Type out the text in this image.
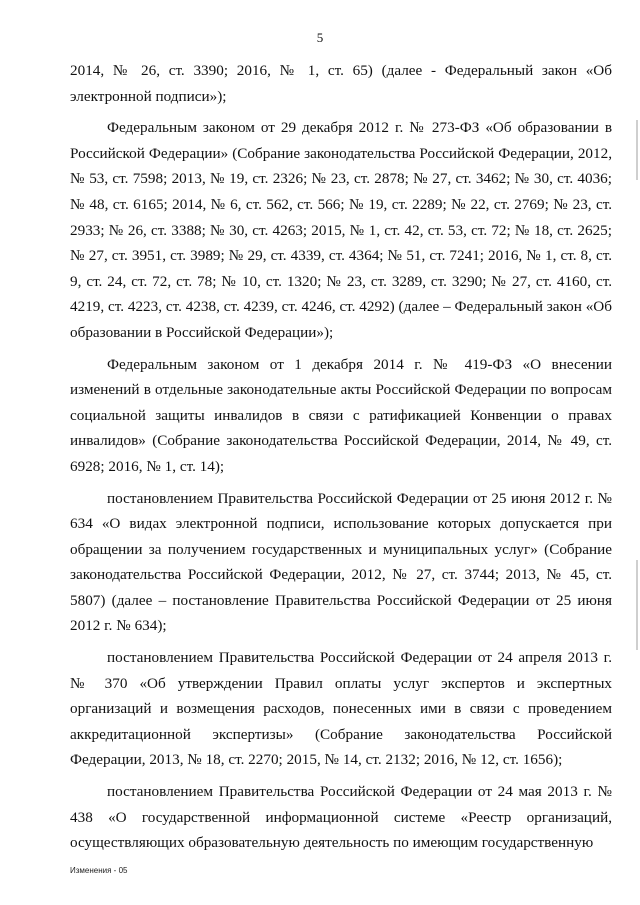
5

2014, № 26, ст. 3390; 2016, № 1, ст. 65) (далее - Федеральный закон «Об электронной подписи»);

Федеральным законом от 29 декабря 2012 г. № 273-ФЗ «Об образовании в Российской Федерации» (Собрание законодательства Российской Федерации, 2012, № 53, ст. 7598; 2013, № 19, ст. 2326; № 23, ст. 2878; № 27, ст. 3462; № 30, ст. 4036; № 48, ст. 6165; 2014, № 6, ст. 562, ст. 566; № 19, ст. 2289; № 22, ст. 2769; № 23, ст. 2933; № 26, ст. 3388; № 30, ст. 4263; 2015, № 1, ст. 42, ст. 53, ст. 72; № 18, ст. 2625; № 27, ст. 3951, ст. 3989; № 29, ст. 4339, ст. 4364; № 51, ст. 7241; 2016, № 1, ст. 8, ст. 9, ст. 24, ст. 72, ст. 78; № 10, ст. 1320; № 23, ст. 3289, ст. 3290; № 27, ст. 4160, ст. 4219, ст. 4223, ст. 4238, ст. 4239, ст. 4246, ст. 4292) (далее – Федеральный закон «Об образовании в Российской Федерации»);

Федеральным законом от 1 декабря 2014 г. № 419-ФЗ «О внесении изменений в отдельные законодательные акты Российской Федерации по вопросам социальной защиты инвалидов в связи с ратификацией Конвенции о правах инвалидов» (Собрание законодательства Российской Федерации, 2014, № 49, ст. 6928; 2016, № 1, ст. 14);

постановлением Правительства Российской Федерации от 25 июня 2012 г. № 634 «О видах электронной подписи, использование которых допускается при обращении за получением государственных и муниципальных услуг» (Собрание законодательства Российской Федерации, 2012, № 27, ст. 3744; 2013, № 45, ст. 5807) (далее – постановление Правительства Российской Федерации от 25 июня 2012 г. № 634);

постановлением Правительства Российской Федерации от 24 апреля 2013 г. № 370 «Об утверждении Правил оплаты услуг экспертов и экспертных организаций и возмещения расходов, понесенных ими в связи с проведением аккредитационной экспертизы» (Собрание законодательства Российской Федерации, 2013, № 18, ст. 2270; 2015, № 14, ст. 2132; 2016, № 12, ст. 1656);

постановлением Правительства Российской Федерации от 24 мая 2013 г. № 438 «О государственной информационной системе «Реестр организаций, осуществляющих образовательную деятельность по имеющим государственную

Изменения - 05
